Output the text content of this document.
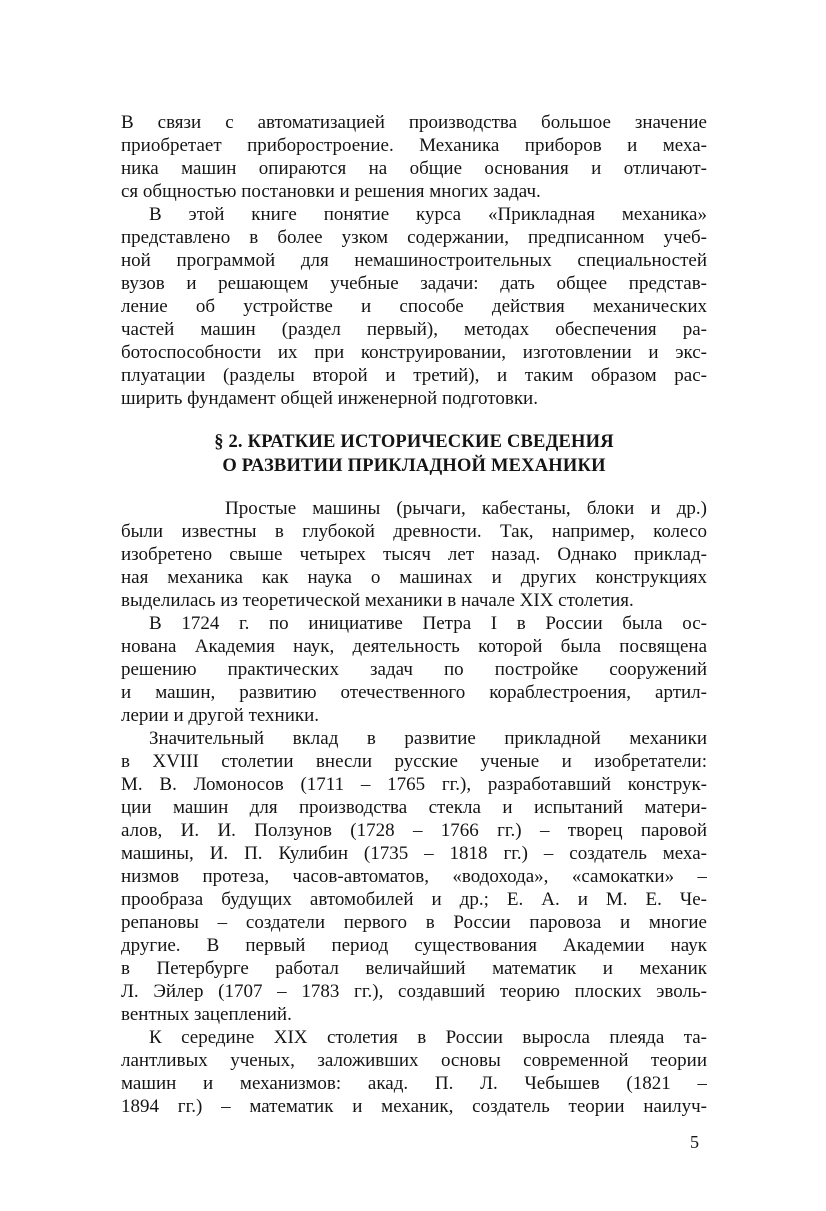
В связи с автоматизацией производства большое значение
приобретает приборостроение. Механика приборов и меха-
ника машин опираются на общие основания и отличают-
ся общностью постановки и решения многих задач.
В этой книге понятие курса «Прикладная механика»
представлено в более узком содержании, предписанном учеб-
ной программой для немашиностроительных специальностей
вузов и решающем учебные задачи: дать общее представ-
ление об устройстве и способе действия механических
частей машин (раздел первый), методах обеспечения ра-
ботоспособности их при конструировании, изготовлении и экс-
плуатации (разделы второй и третий), и таким образом рас-
ширить фундамент общей инженерной подготовки.
§ 2. КРАТКИЕ ИСТОРИЧЕСКИЕ СВЕДЕНИЯ
О РАЗВИТИИ ПРИКЛАДНОЙ МЕХАНИКИ
Простые машины (рычаги, кабестаны, блоки и др.)
были известны в глубокой древности. Так, например, колесо
изобретено свыше четырех тысяч лет назад. Однако приклад-
ная механика как наука о машинах и других конструкциях
выделилась из теоретической механики в начале XIX столетия.
В 1724 г. по инициативе Петра I в России была ос-
нована Академия наук, деятельность которой была посвящена
решению практических задач по постройке сооружений
и машин, развитию отечественного кораблестроения, артил-
лерии и другой техники.
Значительный вклад в развитие прикладной механики
в XVIII столетии внесли русские ученые и изобретатели:
М. В. Ломоносов (1711 – 1765 гг.), разработавший конструк-
ции машин для производства стекла и испытаний матери-
алов, И. И. Ползунов (1728 – 1766 гг.) – творец паровой
машины, И. П. Кулибин (1735 – 1818 гг.) – создатель меха-
низмов протеза, часов-автоматов, «водохода», «самокатки» –
прообраза будущих автомобилей и др.; Е. А. и М. Е. Че-
репановы – создатели первого в России паровоза и многие
другие. В первый период существования Академии наук
в Петербурге работал величайший математик и механик
Л. Эйлер (1707 – 1783 гг.), создавший теорию плоских эволь-
вентных зацеплений.
К середине XIX столетия в России выросла плеяда та-
лантливых ученых, заложивших основы современной теории
машин и механизмов: акад. П. Л. Чебышев (1821 –
1894 гг.) – математик и механик, создатель теории наилуч-
5
